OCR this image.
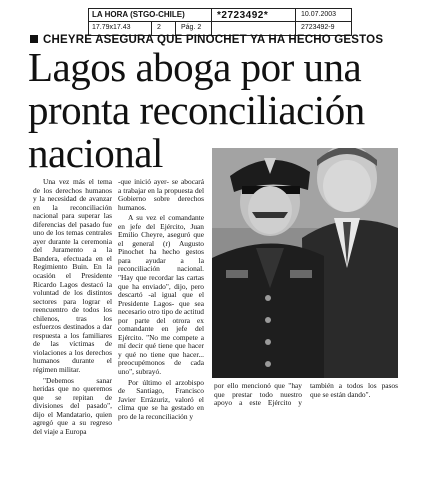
LA HORA (STGO-CHILE)	*2723492*	10.07.2003
17.79x17.43	2	Pág. 2	2723492-9
CHEYRE ASEGURA QUE PINOCHET YA HA HECHO GESTOS
Lagos aboga por una pronta reconciliación nacional

Una vez más el tema de los derechos humanos y la necesidad de avanzar en la reconciliación nacional para superar las diferencias del pasado fue uno de los temas centrales ayer durante la ceremonia del Juramento a la Bandera, efectuada en el Regimiento Buin. En la ocasión el Presidente Ricardo Lagos destacó la voluntad de los distintos sectores para lograr el reencuentro de todos los chilenos, tras los esfuerzos destinados a dar respuesta a los familiares de las víctimas de violaciones a los derechos humanos durante el régimen militar.

"Debemos sanar heridas que no queremos que se repitan de divisiones del pasado", dijo el Mandatario, quien agregó que a su regreso del viaje a Europa

-que inició ayer- se abocará a trabajar en la propuesta del Gobierno sobre derechos humanos.

A su vez el comandante en jefe del Ejército, Juan Emilio Cheyre, aseguró que el general (r) Augusto Pinochet ha hecho gestos para ayudar a la reconciliación nacional. "Hay que recordar las cartas que ha enviado", dijo, pero descartó -al igual que el Presidente Lagos- que sea necesario otro tipo de actitud por parte del otrora ex comandante en jefe del Ejército. "No me compete a mí decir qué tiene que hacer y qué no tiene que hacer... preocupémonos de cada uno", subrayó.

Por último el arzobispo de Santiago, Francisco Javier Errázuriz, valoró el clima que se ha gestado en pro de la reconciliación y

por ello mencionó que "hay que prestar todo nuestro apoyo a este Ejército y también a todos los pasos que se están dando".
